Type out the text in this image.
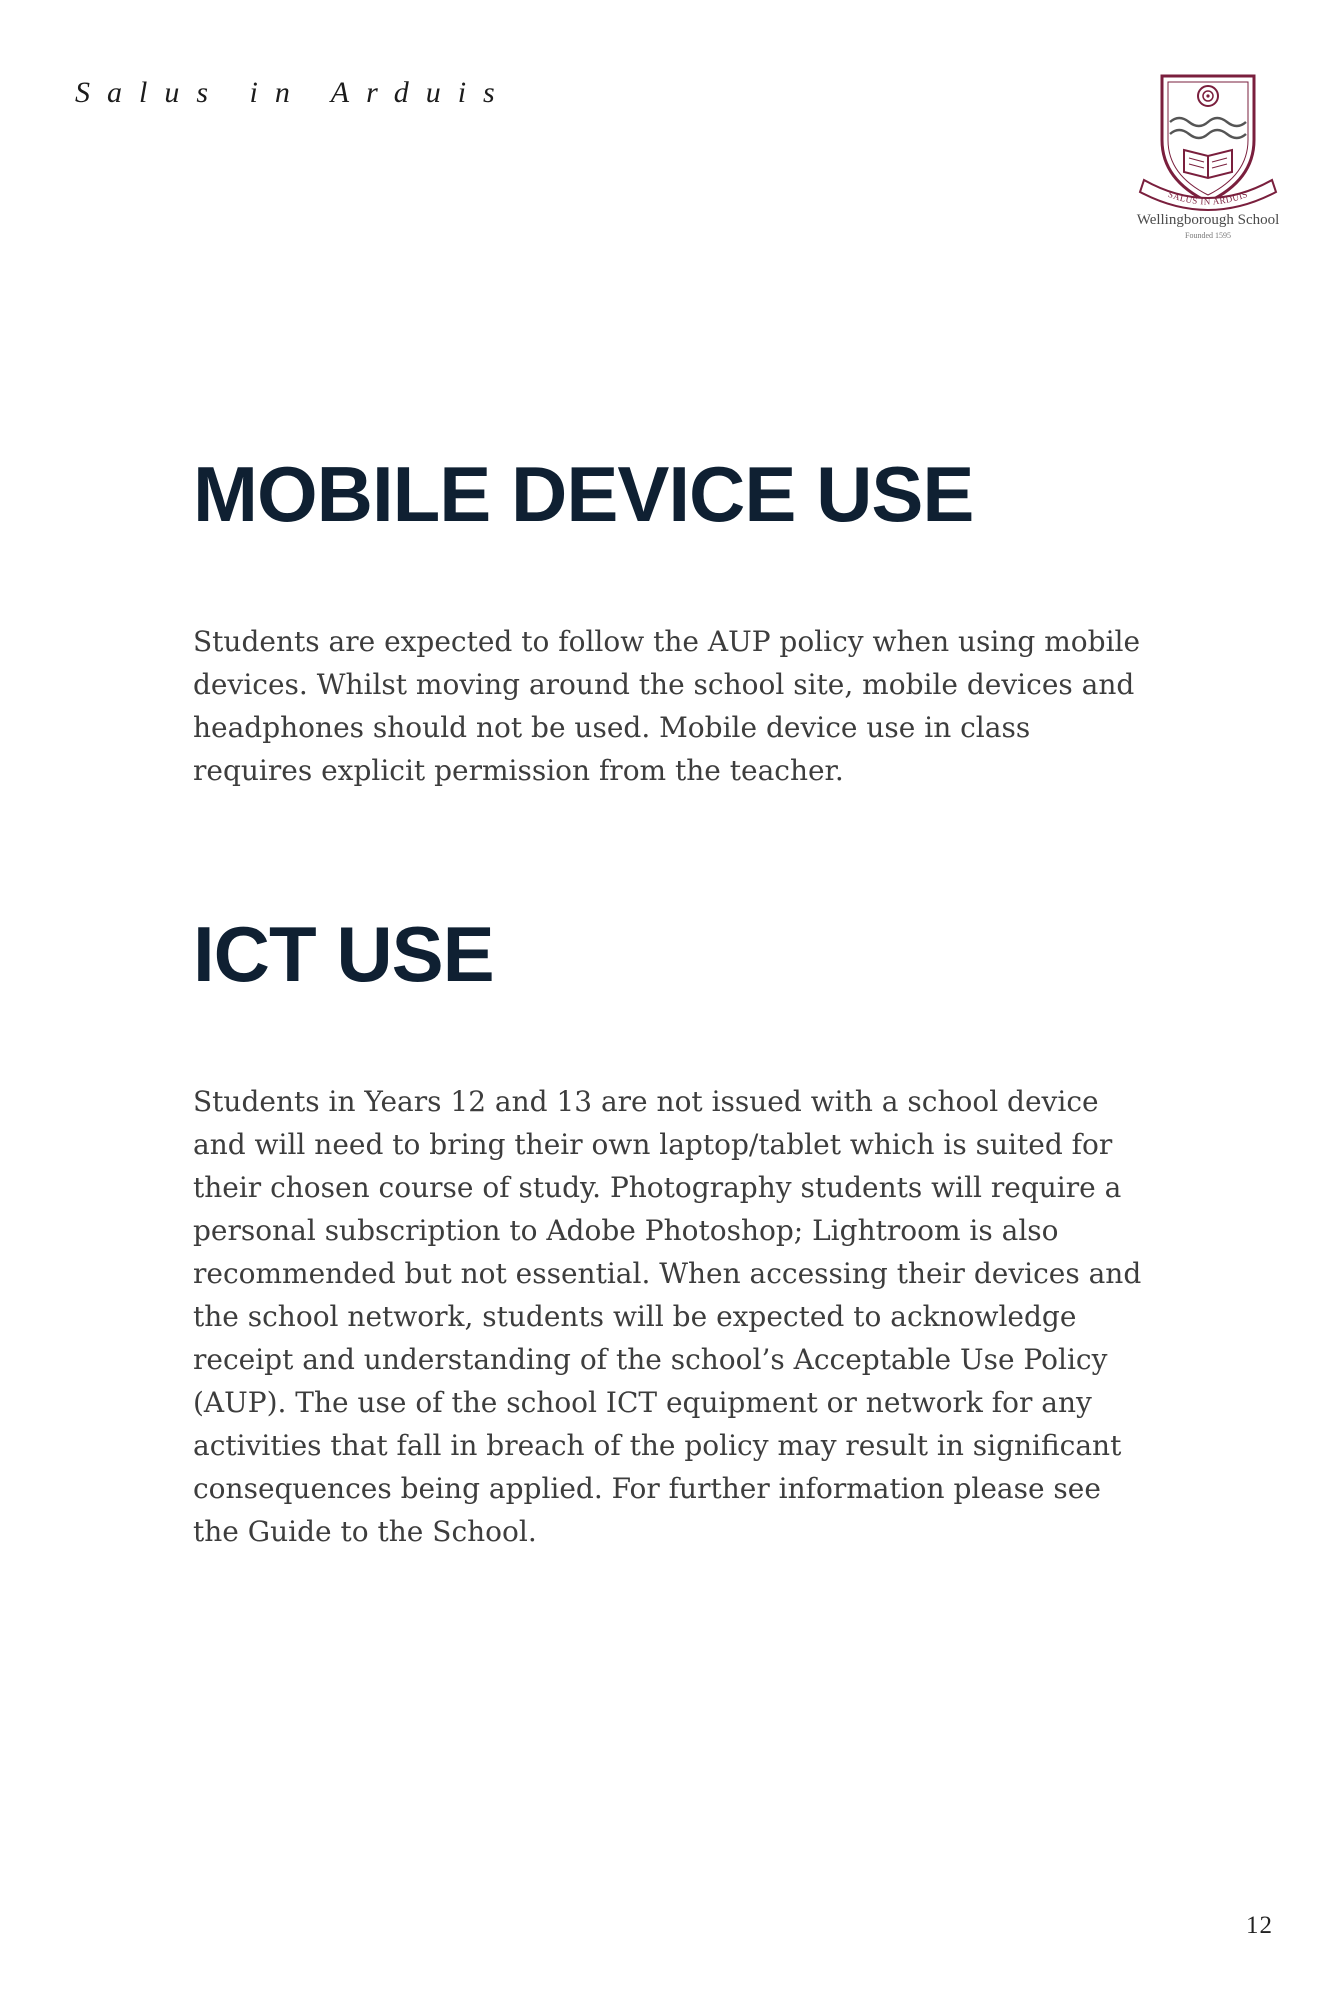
Salus in Arduis
SALUS IN ARDUIS
Wellingborough School
Founded 1595
MOBILE DEVICE USE

Students are expected to follow the AUP policy when using mobile devices. Whilst moving around the school site, mobile devices and headphones should not be used. Mobile device use in class requires explicit permission from the teacher.

ICT USE

Students in Years 12 and 13 are not issued with a school device and will need to bring their own laptop/tablet which is suited for their chosen course of study. Photography students will require a personal subscription to Adobe Photoshop; Lightroom is also recommended but not essential. When accessing their devices and the school network, students will be expected to acknowledge receipt and understanding of the school’s Acceptable Use Policy (AUP). The use of the school ICT equipment or network for any activities that fall in breach of the policy may result in significant consequences being applied. For further information please see the Guide to the School.

12
